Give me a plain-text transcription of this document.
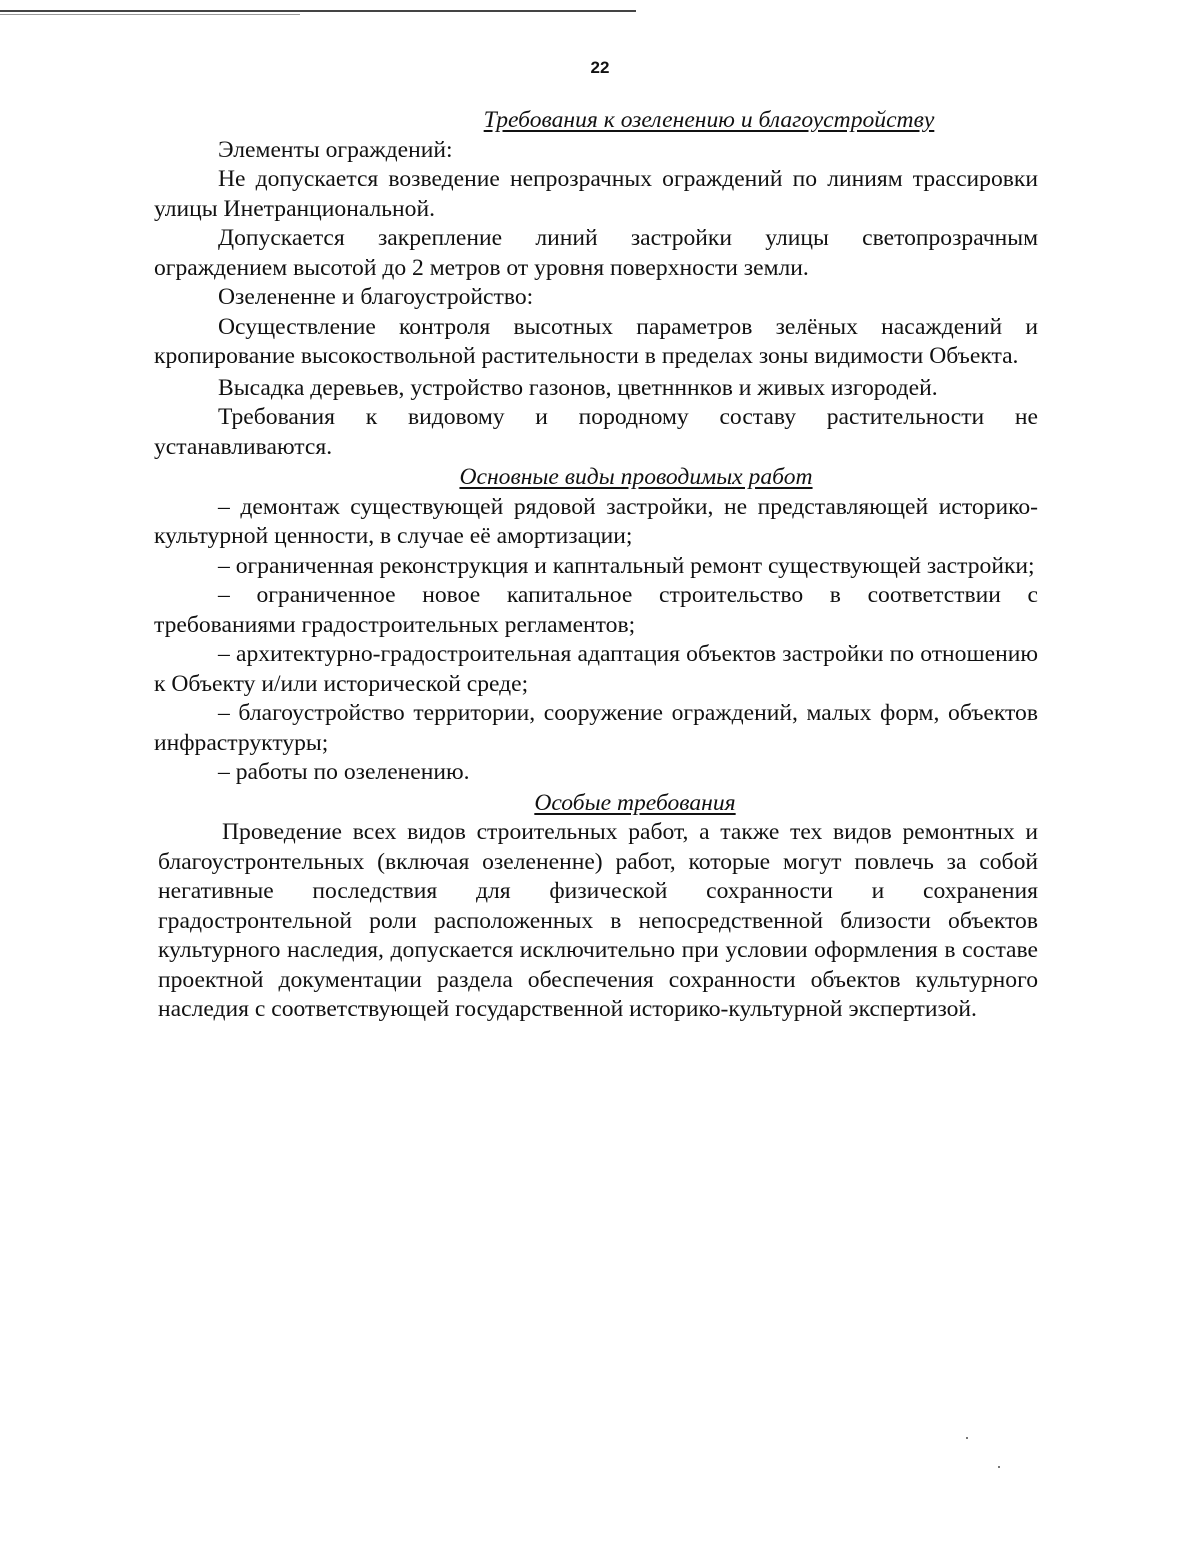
22

Требования к озеленению и благоустройству

Элементы ограждений:

Не допускается возведение непрозрачных ограждений по линиям трассировки улицы Инетранциональной.

Допускается закрепление линий застройки улицы светопрозрачным ограждением высотой до 2 метров от уровня поверхности земли.

Озелененне и благоустройство:

Осуществление контроля высотных параметров зелёных насаждений и кропирование высокоствольной растительности в пределах зоны видимости Объекта.

Высадка деревьев, устройство газонов, цветнннков и живых изгородей.

Требования к видовому и породному составу растительности не устанавливаются.

Основные виды проводимых работ

– демонтаж существующей рядовой застройки, не представляющей историко-культурной ценности, в случае её амортизации;

– ограниченная реконструкция и капнтальный ремонт существующей застройки;

– ограниченное новое капитальное строительство в соответствии с требованиями градостроительных регламентов;

– архитектурно-градостроительная адаптация объектов застройки по отношению к Объекту и/или исторической среде;

– благоустройство территории, сооружение ограждений, малых форм, объектов инфраструктуры;

– работы по озеленению.

Особые требования

Проведение всех видов строительных работ, а также тех видов ремонтных и благоустронтельных (включая озелененне) работ, которые могут повлечь за собой негативные последствия для физической сохранности и сохранения градостронтельной роли расположенных в непосредственной близости объектов культурного наследия, допускается исключительно при условии оформления в составе проектной документации раздела обеспечения сохранности объектов культурного наследия с соответствующей государственной историко-культурной экспертизой.
